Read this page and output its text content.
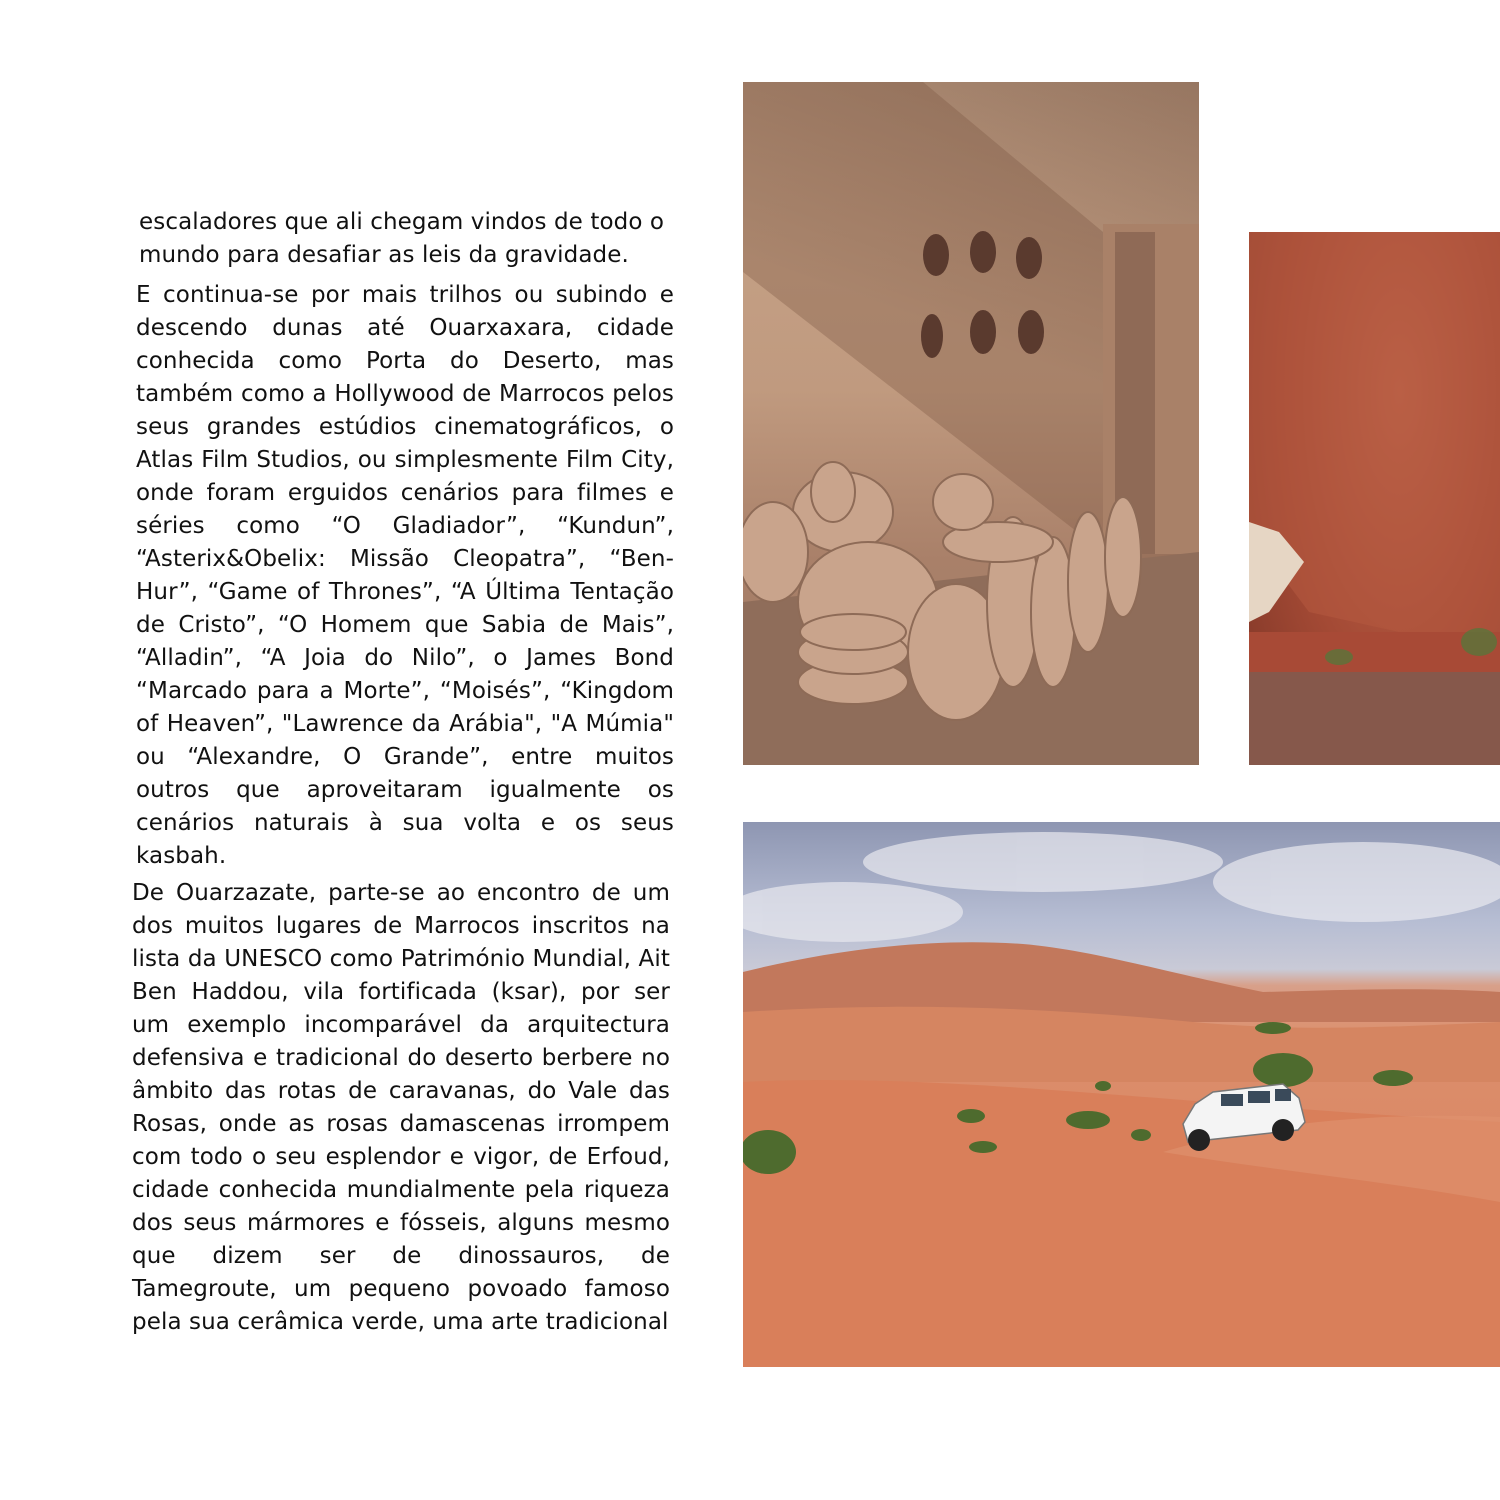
escaladores que ali chegam vindos de todo o mundo para desafiar as leis da gravidade.

E continua-se por mais trilhos ou subindo e descendo dunas até Ouarxaxara, cidade conhecida como Porta do Deserto, mas também como a Hollywood de Marrocos pelos seus grandes estúdios cinematográficos, o Atlas Film Studios, ou simplesmente Film City, onde foram erguidos cenários para filmes e séries como “O Gladiador”, “Kundun”, “Asterix&Obelix: Missão Cleopatra”, “Ben-Hur”, “Game of Thrones”, “A Última Tentação de Cristo”, “O Homem que Sabia de Mais”, “Alladin”, “A Joia do Nilo”, o James Bond “Marcado para a Morte”, “Moisés”, “Kingdom of Heaven”, "Lawrence da Arábia", "A Múmia" ou “Alexandre, O Grande”, entre muitos outros que aproveitaram igualmente os cenários naturais à sua volta e os seus kasbah.

De Ouarzazate, parte-se ao encontro de um dos muitos lugares de Marrocos inscritos na lista da UNESCO como Património Mundial, Ait Ben Haddou, vila fortificada (ksar), por ser um exemplo incomparável da arquitectura defensiva e tradicional do deserto berbere no âmbito das rotas de caravanas, do Vale das Rosas, onde as rosas damascenas irrompem com todo o seu esplendor e vigor, de Erfoud, cidade conhecida mundialmente pela riqueza dos seus mármores e fósseis, alguns mesmo que dizem ser de dinossauros, de Tamegroute, um pequeno povoado famoso pela sua cerâmica verde, uma arte tradicional
